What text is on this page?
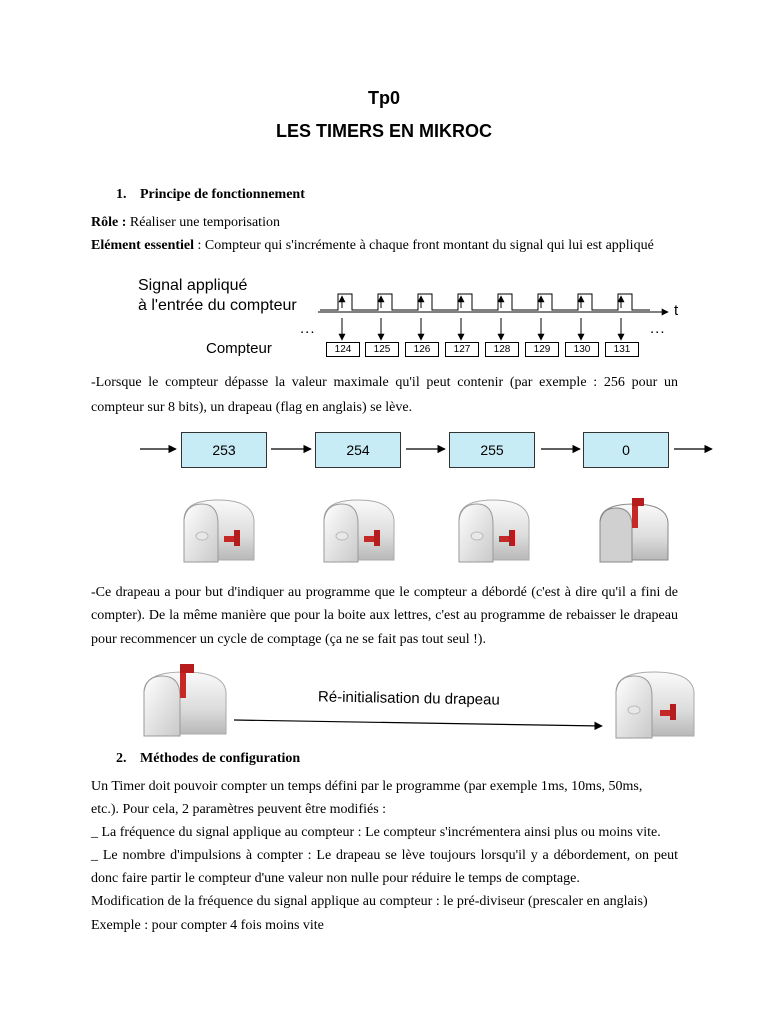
Tp0
LES TIMERS EN MIKROC
1. Principe de fonctionnement
Rôle : Réaliser une temporisation
Elément essentiel : Compteur qui s'incrémente à chaque front montant du signal qui lui est appliqué
Signal appliqué
à l'entrée du compteur	t
...	...
Compteur	124	125	126	127	128	129	130	131
-Lorsque le compteur dépasse la valeur maximale qu'il peut contenir (par exemple : 256 pour un
compteur sur 8 bits), un drapeau (flag en anglais) se lève.
253	254	255	0
-Ce drapeau a pour but d'indiquer au programme que le compteur a débordé (c'est à dire qu'il a fini de
compter). De la même manière que pour la boite aux lettres, c'est au programme de rebaisser le drapeau
pour recommencer un cycle de comptage (ça ne se fait pas tout seul !).
Ré-initialisation du drapeau
2. Méthodes de configuration
Un Timer doit pouvoir compter un temps défini par le programme (par exemple 1ms, 10ms, 50ms,
etc.). Pour cela, 2 paramètres peuvent être modifiés :
_ La fréquence du signal applique au compteur : Le compteur s'incrémentera ainsi plus ou moins vite.
_ Le nombre d'impulsions à compter : Le drapeau se lève toujours lorsqu'il y a débordement, on peut
donc faire partir le compteur d'une valeur non nulle pour réduire le temps de comptage.
Modification de la fréquence du signal applique au compteur : le pré-diviseur (prescaler en anglais)
Exemple : pour compter 4 fois moins vite
